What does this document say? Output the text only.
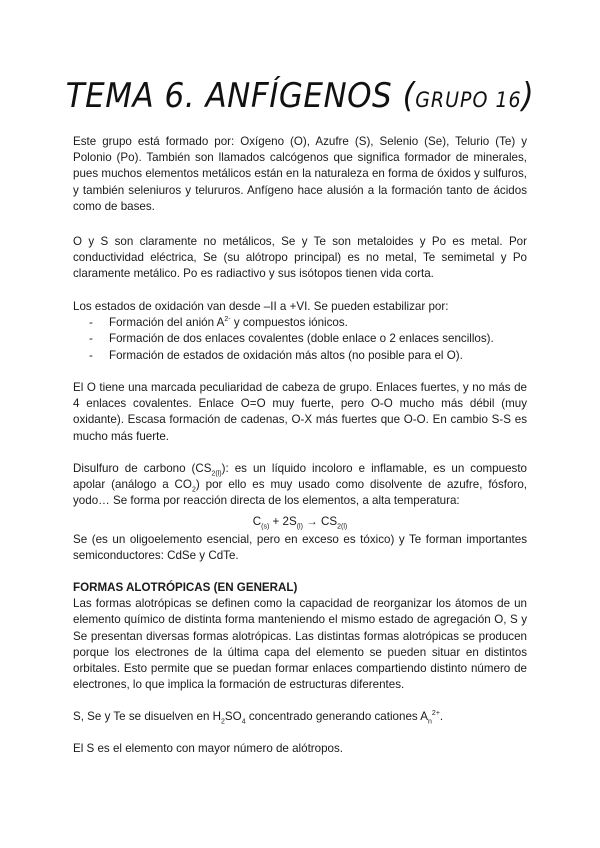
TEMA 6. ANFÍGENOS (GRUPO 16)

Este grupo está formado por: Oxígeno (O), Azufre (S), Selenio (Se), Telurio (Te) y Polonio (Po). También son llamados calcógenos que significa formador de minerales, pues muchos elementos metálicos están en la naturaleza en forma de óxidos y sulfuros, y también seleniuros y telururos. Anfígeno hace alusión a la formación tanto de ácidos como de bases.

O y S son claramente no metálicos, Se y Te son metaloides y Po es metal. Por conductividad eléctrica, Se (su alótropo principal) es no metal, Te semimetal y Po claramente metálico. Po es radiactivo y sus isótopos tienen vida corta.

Los estados de oxidación van desde –II a +VI. Se pueden estabilizar por:

- Formación del anión $A^{2-}$ y compuestos iónicos.
- Formación de dos enlaces covalentes (doble enlace o 2 enlaces sencillos).
- Formación de estados de oxidación más altos (no posible para el O).

El O tiene una marcada peculiaridad de cabeza de grupo. Enlaces fuertes, y no más de 4 enlaces covalentes. Enlace O=O muy fuerte, pero O-O mucho más débil (muy oxidante). Escasa formación de cadenas, O-X más fuertes que O-O. En cambio S-S es mucho más fuerte.

Disulfuro de carbono $(CS_{2(l)})$: es un líquido incoloro e inflamable, es un compuesto apolar (análogo a $CO_2$) por ello es muy usado como disolvente de azufre, fósforo, yodo… Se forma por reacción directa de los elementos, a alta temperatura:

$C_{(s)} + 2S_{(l)} \to CS_{2(l)}$

Se (es un oligoelemento esencial, pero en exceso es tóxico) y Te forman importantes semiconductores: CdSe y CdTe.

FORMAS ALOTRÓPICAS (EN GENERAL)

Las formas alotrópicas se definen como la capacidad de reorganizar los átomos de un elemento químico de distinta forma manteniendo el mismo estado de agregación O, S y Se presentan diversas formas alotrópicas. Las distintas formas alotrópicas se producen porque los electrones de la última capa del elemento se pueden situar en distintos orbitales. Esto permite que se puedan formar enlaces compartiendo distinto número de electrones, lo que implica la formación de estructuras diferentes.

S, Se y Te se disuelven en $H_2SO_4$ concentrado generando cationes $A_n^{2+}$.

El S es el elemento con mayor número de alótropos.
